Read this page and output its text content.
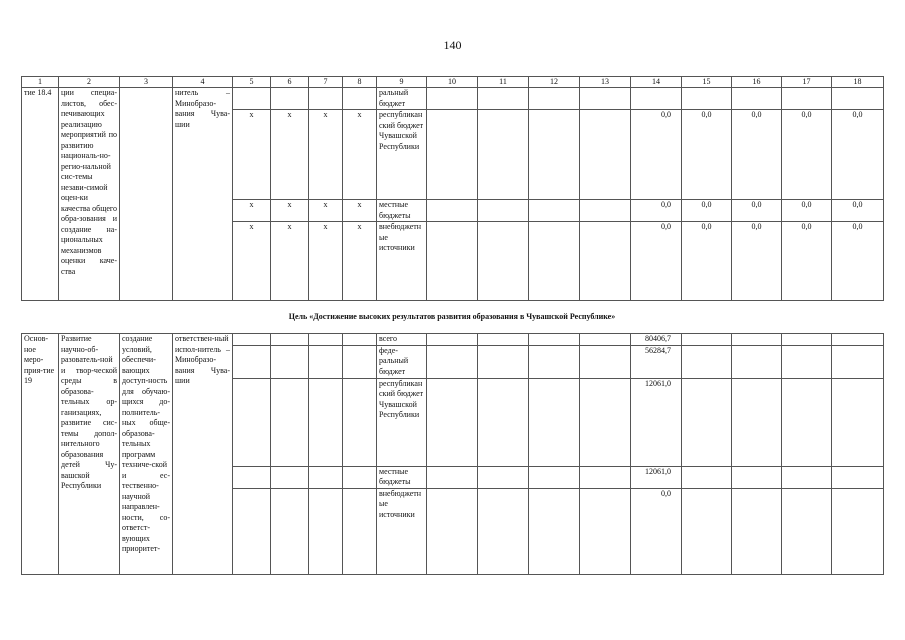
140
1	2	3	4	5	6	7	8	9	10	11	12	13	14	15	16	17	18
тие 18.4	ции специа-листов, обес-печивающих реализацию мероприятий по развитию националь-но-регио-нальной сис-темы незави-симой оцен-ки качества общего обра-зования и создание на-циональных механизмов оценки каче-ства		нитель – Минобразо-вания Чува-шии					ральный бюджет									
				x	x	x	x	республиканский бюджет Чувашской Республики					0,0	0,0	0,0	0,0	0,0
				x	x	x	x	местные бюджеты					0,0	0,0	0,0	0,0	0,0
				x	x	x	x	внебюджетные источники					0,0	0,0	0,0	0,0	0,0
Цель «Достижение высоких результатов развития образования в Чувашской Республике»
Основ-ное меро-прия-тие 19	Развитие научно-об-разователь-ной и твор-ческой среды в образова-тельных ор-ганизациях, развитие сис-темы допол-нительного образования детей Чу-вашской Республики	создание условий, обеспечи-вающих доступ-ность для обучаю-щихся до-полнитель-ных обще-образова-тельных программ техниче-ской и ес-тественно-научной направлен-ности, со-ответст-вующих приоритет-	ответствен-ный испол-нитель – Минобразо-вания Чува-шии					всего					80406,7				
								феде-ральный бюджет					56284,7				
								республиканский бюджет Чувашской Республики					12061,0				
								местные бюджеты					12061,0				
								внебюджетные источники					0,0				
